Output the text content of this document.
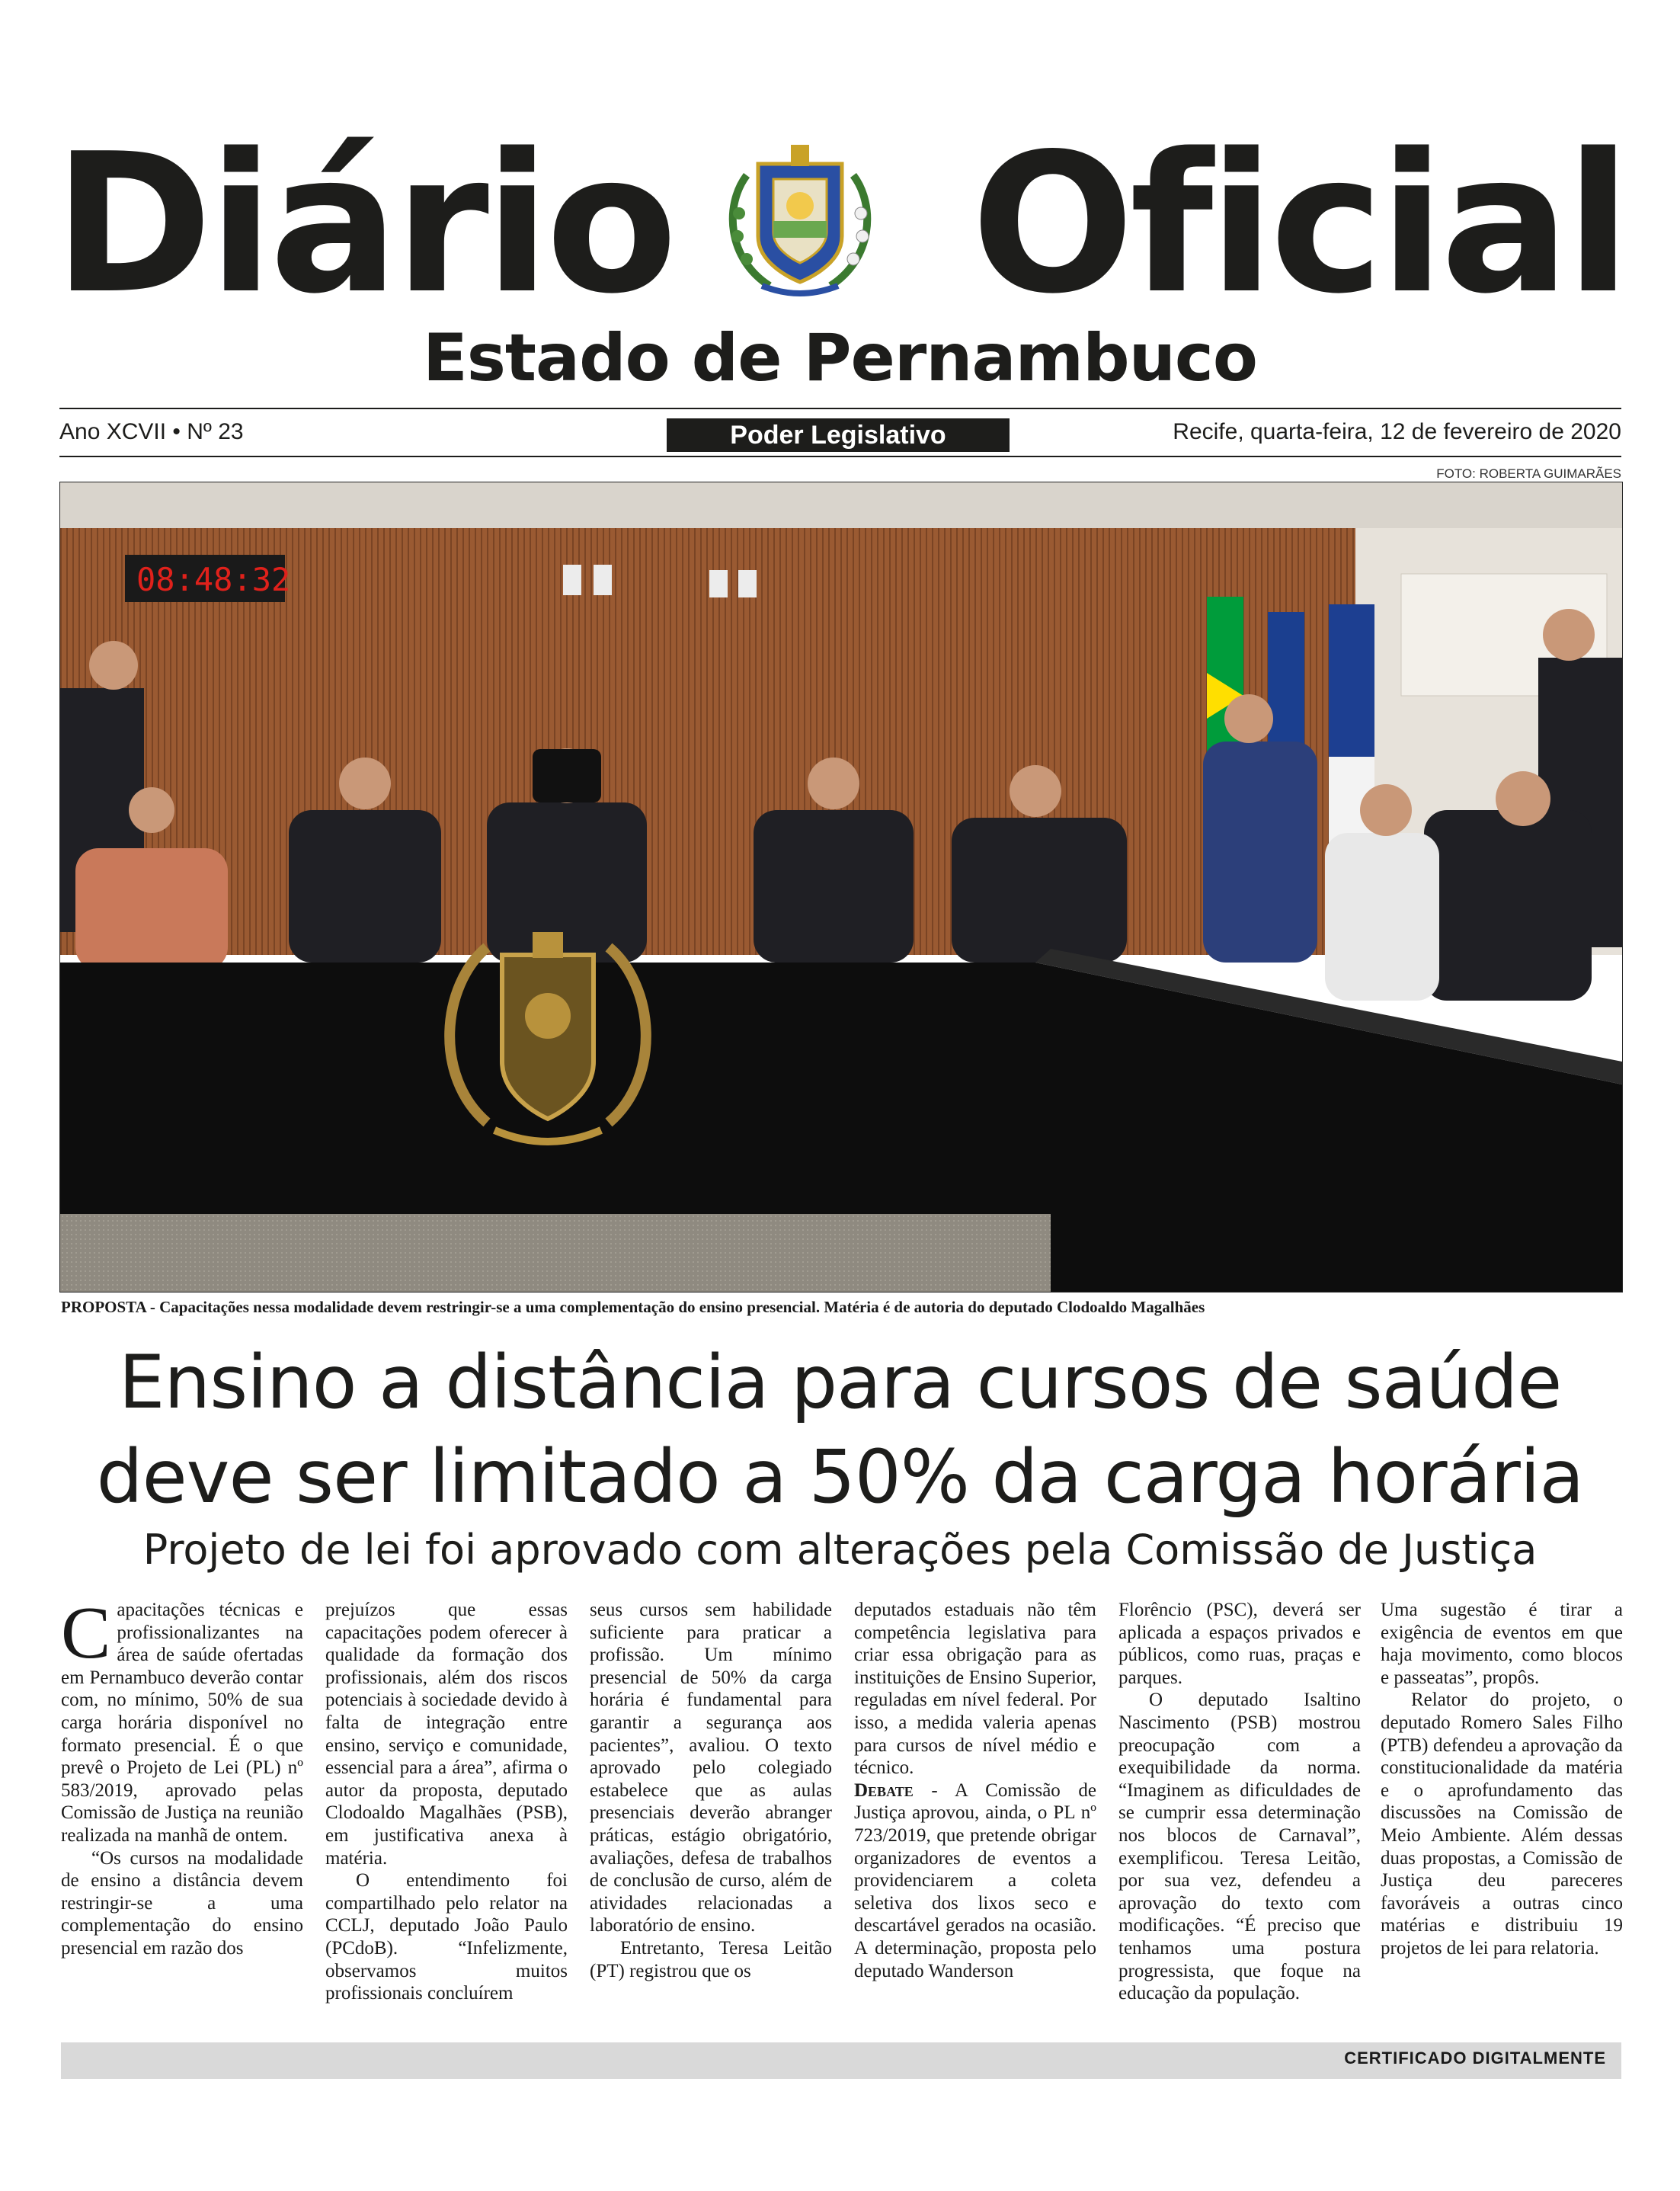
Diário Oficial
Estado de Pernambuco
Ano XCVII • Nº 23	Poder Legislativo	Recife, quarta-feira, 12 de fevereiro de 2020
FOTO: ROBERTA GUIMARÃES
08:48:32
PROPOSTA - Capacitações nessa modalidade devem restringir-se a uma complementação do ensino presencial. Matéria é de autoria do deputado Clodoaldo Magalhães
Ensino a distância para cursos de saúde
deve ser limitado a 50% da carga horária
Projeto de lei foi aprovado com alterações pela Comissão de Justiça

Capacitações técnicas e profissionalizantes na área de saúde ofertadas em Pernambuco deverão contar com, no mínimo, 50% de sua carga horária disponível no formato presencial. É o que prevê o Projeto de Lei (PL) nº 583/2019, aprovado pelas Comissão de Justiça na reunião realizada na manhã de ontem.

“Os cursos na modalidade de ensino a distância devem restringir-se a uma complementação do ensino presencial em razão dos

prejuízos que essas capacitações podem oferecer à qualidade da formação dos profissionais, além dos riscos potenciais à sociedade devido à falta de integração entre ensino, serviço e comunidade, essencial para a área”, afirma o autor da proposta, deputado Clodoaldo Magalhães (PSB), em justificativa anexa à matéria.

O entendimento foi compartilhado pelo relator na CCLJ, deputado João Paulo (PCdoB). “Infelizmente, observamos muitos profissionais concluírem

seus cursos sem habilidade suficiente para praticar a profissão. Um mínimo presencial de 50% da carga horária é fundamental para garantir a segurança aos pacientes”, avaliou. O texto aprovado pelo colegiado estabelece que as aulas presenciais deverão abranger práticas, estágio obrigatório, avaliações, defesa de trabalhos de conclusão de curso, além de atividades relacionadas a laboratório de ensino.

Entretanto, Teresa Leitão (PT) registrou que os

deputados estaduais não têm competência legislativa para criar essa obrigação para as instituições de Ensino Superior, reguladas em nível federal. Por isso, a medida valeria apenas para cursos de nível médio e técnico.

Debate - A Comissão de Justiça aprovou, ainda, o PL nº 723/2019, que pretende obrigar organizadores de eventos a providenciarem a coleta seletiva dos lixos seco e descartável gerados na ocasião. A determinação, proposta pelo deputado Wanderson

Florêncio (PSC), deverá ser aplicada a espaços privados e públicos, como ruas, praças e parques.

O deputado Isaltino Nascimento (PSB) mostrou preocupação com a exequibilidade da norma. “Imaginem as dificuldades de se cumprir essa determinação nos blocos de Carnaval”, exemplificou. Teresa Leitão, por sua vez, defendeu a aprovação do texto com modificações. “É preciso que tenhamos uma postura progressista, que foque na educação da população.

Uma sugestão é tirar a exigência de eventos em que haja movimento, como blocos e passeatas”, propôs.

Relator do projeto, o deputado Romero Sales Filho (PTB) defendeu a aprovação da constitucionalidade da matéria e o aprofundamento das discussões na Comissão de Meio Ambiente. Além dessas duas propostas, a Comissão de Justiça deu pareceres favoráveis a outras cinco matérias e distribuiu 19 projetos de lei para relatoria.

CERTIFICADO DIGITALMENTE
